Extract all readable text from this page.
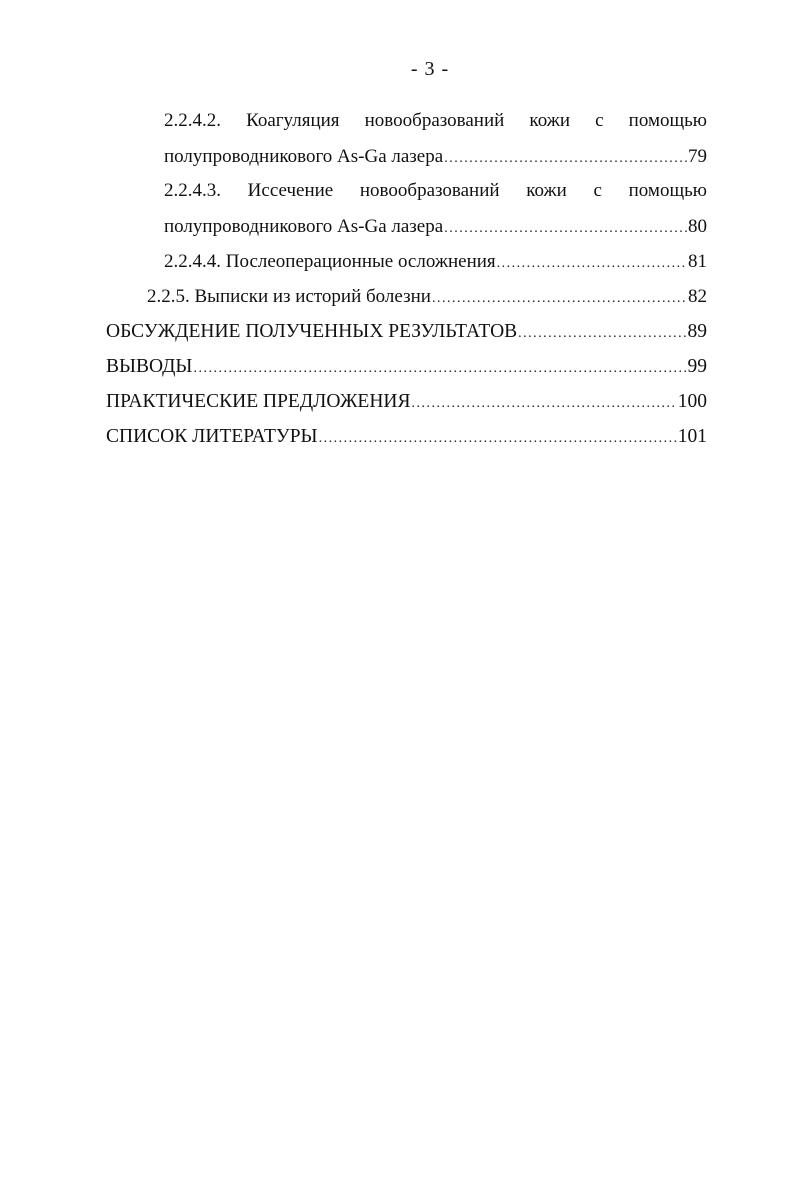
- 3 -
2.2.4.2. Коагуляция новообразований кожи с помощью
полупроводникового As-Ga лазера .....	79
2.2.4.3. Иссечение новообразований кожи с помощью
полупроводникового As-Ga лазера .....	80
2.2.4.4. Послеоперационные осложнения .....	81
2.2.5. Выписки из историй болезни .....	82
ОБСУЖДЕНИЕ ПОЛУЧЕННЫХ РЕЗУЛЬТАТОВ .....	89
ВЫВОДЫ .....	99
ПРАКТИЧЕСКИЕ ПРЕДЛОЖЕНИЯ .....	100
СПИСОК ЛИТЕРАТУРЫ .....	101
